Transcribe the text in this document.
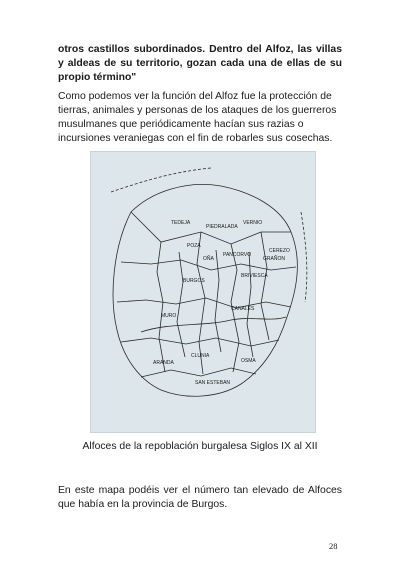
otros castillos subordinados. Dentro del Alfoz, las villas y aldeas de su territorio, gozan cada una de ellas de su propio término"

Como podemos ver la función del Alfoz fue la protección de tierras, animales y personas de los ataques de los guerreros musulmanes que periódicamente hacían sus razias o incursiones veraniegas con el fin de robarles sus cosechas.

TEDEJA
PIEDRALADA
VERNIO
POZA
PANCORVO
OÑA
CEREZO
GRAÑON
BURGOS
MURO
CANALES
BRIVIESCA
CLUNIA
OSMA
SAN ESTEBAN
ARANDA

Alfoces de la repoblación burgalesa Siglos IX al XII

En este mapa podéis ver el número tan elevado de Alfoces que había en la provincia de Burgos.

28
